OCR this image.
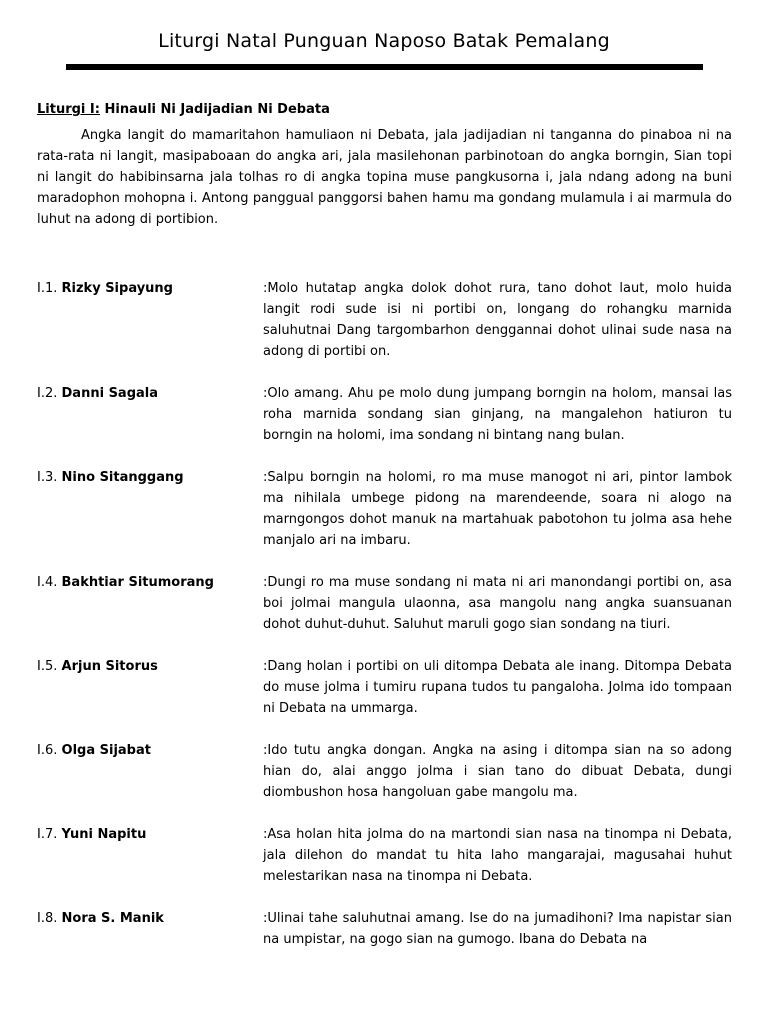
Liturgi Natal Punguan Naposo Batak Pemalang
Liturgi I: Hinauli Ni Jadijadian Ni Debata

Angka langit do mamaritahon hamuliaon ni Debata, jala jadijadian ni tanganna do pinaboa ni na rata-rata ni langit, masipaboaan do angka ari, jala masilehonan parbinotoan do angka borngin, Sian topi ni langit do habibinsarna jala tolhas ro di angka topina muse pangkusorna i, jala ndang adong na buni maradophon mohopna i. Antong panggual panggorsi bahen hamu ma gondang mulamula i ai marmula do luhut na adong di portibion.

I.1. Rizky Sipayung	:Molo hutatap angka dolok dohot rura, tano dohot laut, molo huida langit rodi sude isi ni portibi on, longang do rohangku marnida saluhutnai Dang targombarhon denggannai dohot ulinai sude nasa na adong di portibi on.
I.2. Danni Sagala	:Olo amang. Ahu pe molo dung jumpang borngin na holom, mansai las roha marnida sondang sian ginjang, na mangalehon hatiuron tu borngin na holomi, ima sondang ni bintang nang bulan.
I.3. Nino Sitanggang	:Salpu borngin na holomi, ro ma muse manogot ni ari, pintor lambok ma nihilala umbege pidong na marendeende, soara ni alogo na marngongos dohot manuk na martahuak pabotohon tu jolma asa hehe manjalo ari na imbaru.
I.4. Bakhtiar Situmorang	:Dungi ro ma muse sondang ni mata ni ari manondangi portibi on, asa boi jolmai mangula ulaonna, asa mangolu nang angka suansuanan dohot duhut-duhut. Saluhut maruli gogo sian sondang na tiuri.
I.5. Arjun Sitorus	:Dang holan i portibi on uli ditompa Debata ale inang. Ditompa Debata do muse jolma i tumiru rupana tudos tu pangaloha. Jolma ido tompaan ni Debata na ummarga.
I.6. Olga Sijabat	:Ido tutu angka dongan. Angka na asing i ditompa sian na so adong hian do, alai anggo jolma i sian tano do dibuat Debata, dungi diombushon hosa hangoluan gabe mangolu ma.
I.7. Yuni Napitu	:Asa holan hita jolma do na martondi sian nasa na tinompa ni Debata, jala dilehon do mandat tu hita laho mangarajai, magusahai huhut melestarikan nasa na tinompa ni Debata.
I.8. Nora S. Manik	:Ulinai tahe saluhutnai amang. Ise do na jumadihoni? Ima napistar sian na umpistar, na gogo sian na gumogo. Ibana do Debata na
